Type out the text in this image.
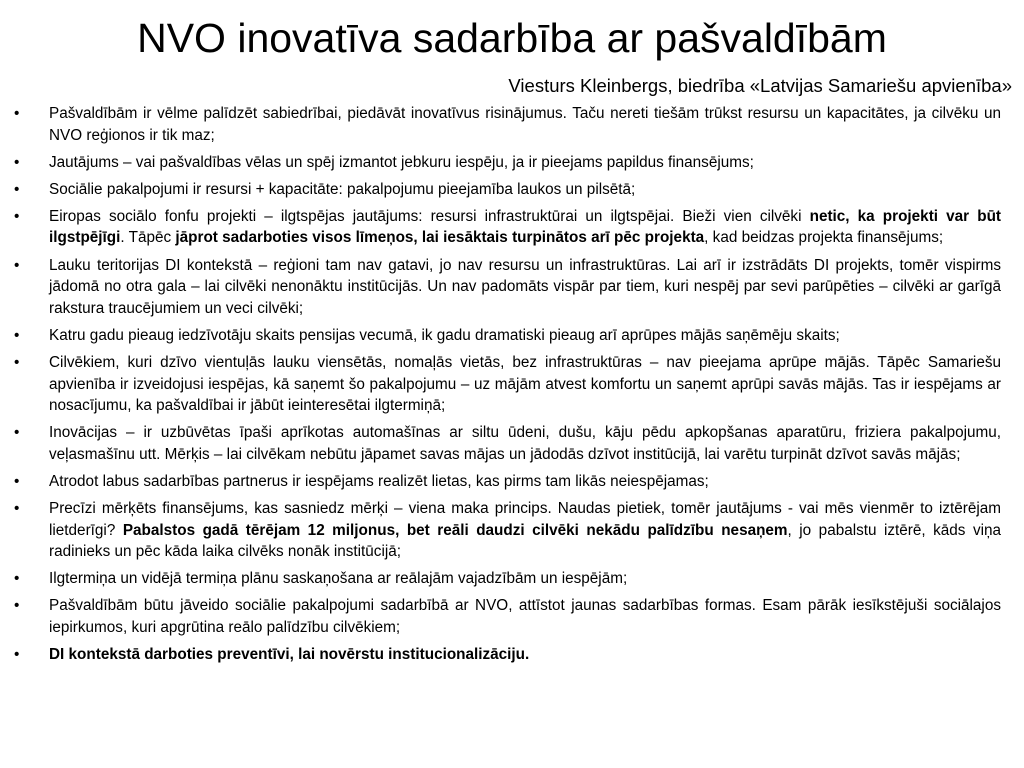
NVO inovatīva sadarbība ar pašvaldībām
Viesturs Kleinbergs, biedrība «Latvijas Samariešu apvienība»
•	Pašvaldībām ir vēlme palīdzēt sabiedrībai, piedāvāt inovatīvus risinājumus. Taču nereti tiešām trūkst resursu un kapacitātes, ja cilvēku un NVO reģionos ir tik maz;
•	Jautājums – vai pašvaldības vēlas un spēj izmantot jebkuru iespēju, ja ir pieejams papildus finansējums;
•	Sociālie pakalpojumi ir resursi + kapacitāte: pakalpojumu pieejamība laukos un pilsētā;
•	Eiropas sociālo fonfu projekti – ilgtspējas jautājums: resursi infrastruktūrai un ilgtspējai. Bieži vien cilvēki netic, ka projekti var būt ilgstpējīgi. Tāpēc jāprot sadarboties visos līmeņos, lai iesāktais turpinātos arī pēc projekta, kad beidzas projekta finansējums;
•	Lauku teritorijas DI kontekstā – reģioni tam nav gatavi, jo nav resursu un infrastruktūras. Lai arī ir izstrādāts DI projekts, tomēr vispirms jādomā no otra gala – lai cilvēki nenonāktu institūcijās. Un nav padomāts vispār par tiem, kuri nespēj par sevi parūpēties – cilvēki ar garīgā rakstura traucējumiem un veci cilvēki;
•	Katru gadu pieaug iedzīvotāju skaits pensijas vecumā, ik gadu dramatiski pieaug arī aprūpes mājās saņēmēju skaits;
•	Cilvēkiem, kuri dzīvo vientuļās lauku viensētās, nomaļās vietās, bez infrastruktūras – nav pieejama aprūpe mājās. Tāpēc Samariešu apvienība ir izveidojusi iespējas, kā saņemt šo pakalpojumu – uz mājām atvest komfortu un saņemt aprūpi savās mājās. Tas ir iespējams ar nosacījumu, ka pašvaldībai ir jābūt ieinteresētai ilgtermiņā;
•	Inovācijas – ir uzbūvētas īpaši aprīkotas automašīnas ar siltu ūdeni, dušu, kāju pēdu apkopšanas aparatūru, friziera pakalpojumu, veļasmašīnu utt. Mērķis – lai cilvēkam nebūtu jāpamet savas mājas un jādodās dzīvot institūcijā, lai varētu turpināt dzīvot savās mājās;
•	Atrodot labus sadarbības partnerus ir iespējams realizēt lietas, kas pirms tam likās neiespējamas;
•	Precīzi mērķēts finansējums, kas sasniedz mērķi – viena maka princips. Naudas pietiek, tomēr jautājums - vai mēs vienmēr to iztērējam lietderīgi? Pabalstos gadā tērējam 12 miljonus, bet reāli daudzi cilvēki nekādu palīdzību nesaņem, jo pabalstu iztērē, kāds viņa radinieks un pēc kāda laika cilvēks nonāk institūcijā;
•	Ilgtermiņa un vidējā termiņa plānu saskaņošana ar reālajām vajadzībām un iespējām;
•	Pašvaldībām būtu jāveido sociālie pakalpojumi sadarbībā ar NVO, attīstot jaunas sadarbības formas. Esam pārāk iesīkstējuši sociālajos iepirkumos, kuri apgrūtina reālo palīdzību cilvēkiem;
•	DI kontekstā darboties preventīvi, lai novērstu institucionalizāciju.
